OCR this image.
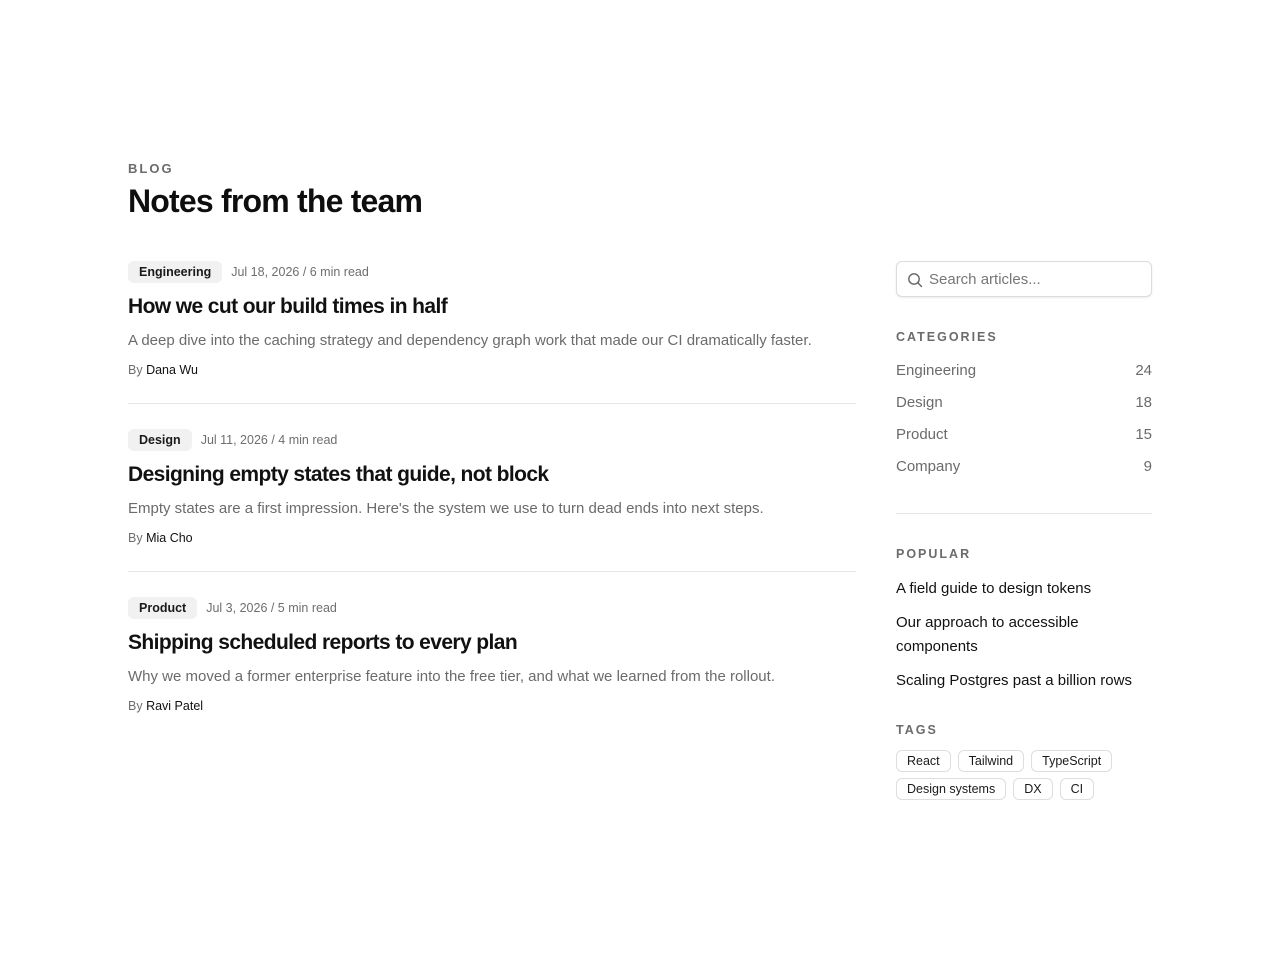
BLOG
Notes from the team
Engineering	Jul 18, 2026 / 6 min read
How we cut our build times in half
A deep dive into the caching strategy and dependency graph work that made our CI dramatically faster.
By Dana Wu
Design	Jul 11, 2026 / 4 min read
Designing empty states that guide, not block
Empty states are a first impression. Here's the system we use to turn dead ends into next steps.
By Mia Cho
Product	Jul 3, 2026 / 5 min read
Shipping scheduled reports to every plan
Why we moved a former enterprise feature into the free tier, and what we learned from the rollout.
By Ravi Patel
Search articles...
CATEGORIES
Engineering	24
Design	18
Product	15
Company	9
POPULAR
A field guide to design tokens
Our approach to accessible components
Scaling Postgres past a billion rows
TAGS
React	Tailwind	TypeScript
Design systems	DX	CI
